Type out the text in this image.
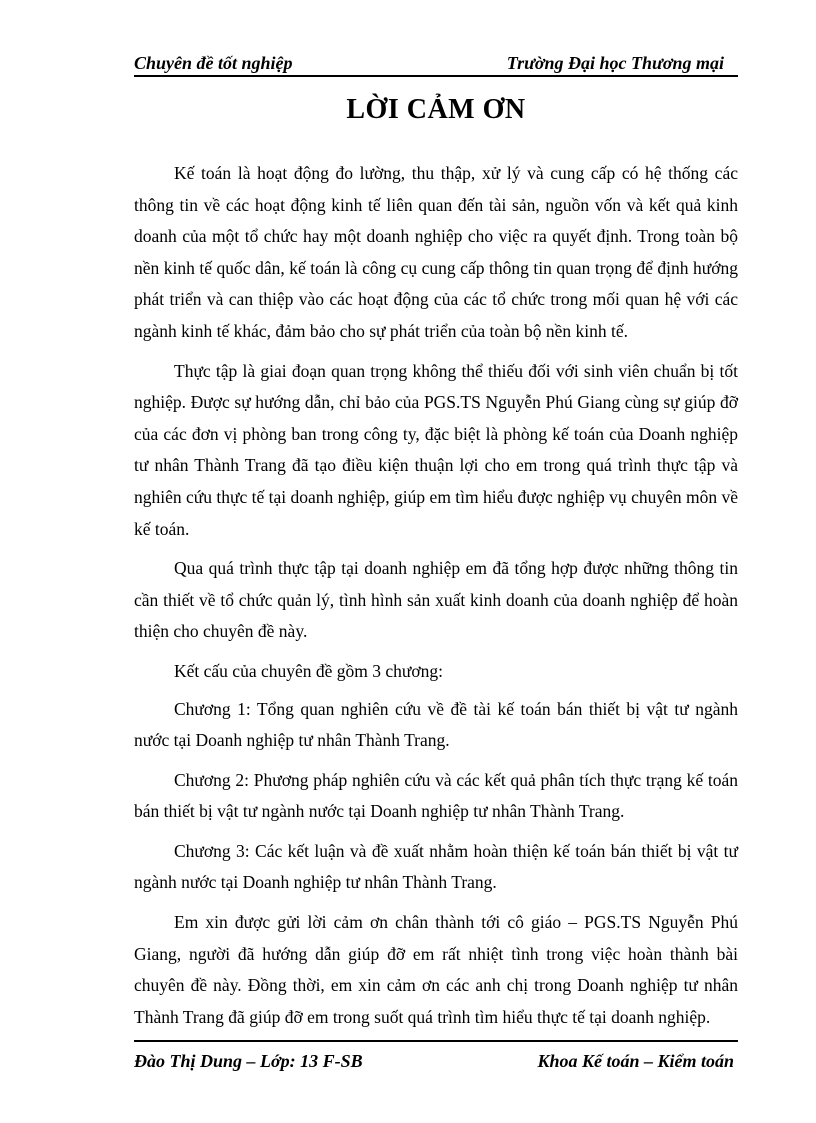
Chuyên đề tốt nghiệp	Trường Đại học Thương mại
LỜI CẢM ƠN

Kế toán là hoạt động đo lường, thu thập, xử lý và cung cấp có hệ thống các thông tin về các hoạt động kinh tế liên quan đến tài sản, nguồn vốn và kết quả kinh doanh của một tổ chức hay một doanh nghiệp cho việc ra quyết định. Trong toàn bộ nền kinh tế quốc dân, kế toán là công cụ cung cấp thông tin quan trọng để định hướng phát triển và can thiệp vào các hoạt động của các tổ chức trong mối quan hệ với các ngành kinh tế khác, đảm bảo cho sự phát triển của toàn bộ nền kinh tế.

Thực tập là giai đoạn quan trọng không thể thiếu đối với sinh viên chuẩn bị tốt nghiệp. Được sự hướng dẫn, chỉ bảo của PGS.TS Nguyễn Phú Giang cùng sự giúp đỡ của các đơn vị phòng ban trong công ty, đặc biệt là phòng kế toán của Doanh nghiệp tư nhân Thành Trang đã tạo điều kiện thuận lợi cho em trong quá trình thực tập và nghiên cứu thực tế tại doanh nghiệp, giúp em tìm hiểu được nghiệp vụ chuyên môn về kế toán.

Qua quá trình thực tập tại doanh nghiệp em đã tổng hợp được những thông tin cần thiết về tổ chức quản lý, tình hình sản xuất kinh doanh của doanh nghiệp để hoàn thiện cho chuyên đề này.

Kết cấu của chuyên đề gồm 3 chương:

Chương 1: Tổng quan nghiên cứu về đề tài kế toán bán thiết bị vật tư ngành nước tại Doanh nghiệp tư nhân Thành Trang.

Chương 2: Phương pháp nghiên cứu và các kết quả phân tích thực trạng kế toán bán thiết bị vật tư ngành nước tại Doanh nghiệp tư nhân Thành Trang.

Chương 3: Các kết luận và đề xuất nhằm hoàn thiện kế toán bán thiết bị vật tư ngành nước tại Doanh nghiệp tư nhân Thành Trang.

Em xin được gửi lời cảm ơn chân thành tới cô giáo – PGS.TS Nguyễn Phú Giang, người đã hướng dẫn giúp đỡ em rất nhiệt tình trong việc hoàn thành bài chuyên đề này. Đồng thời, em xin cảm ơn các anh chị trong Doanh nghiệp tư nhân Thành Trang đã giúp đỡ em trong suốt quá trình tìm hiểu thực tế tại doanh nghiệp.

Đào Thị Dung – Lớp: 13 F-SB	Khoa Kế toán – Kiểm toán
